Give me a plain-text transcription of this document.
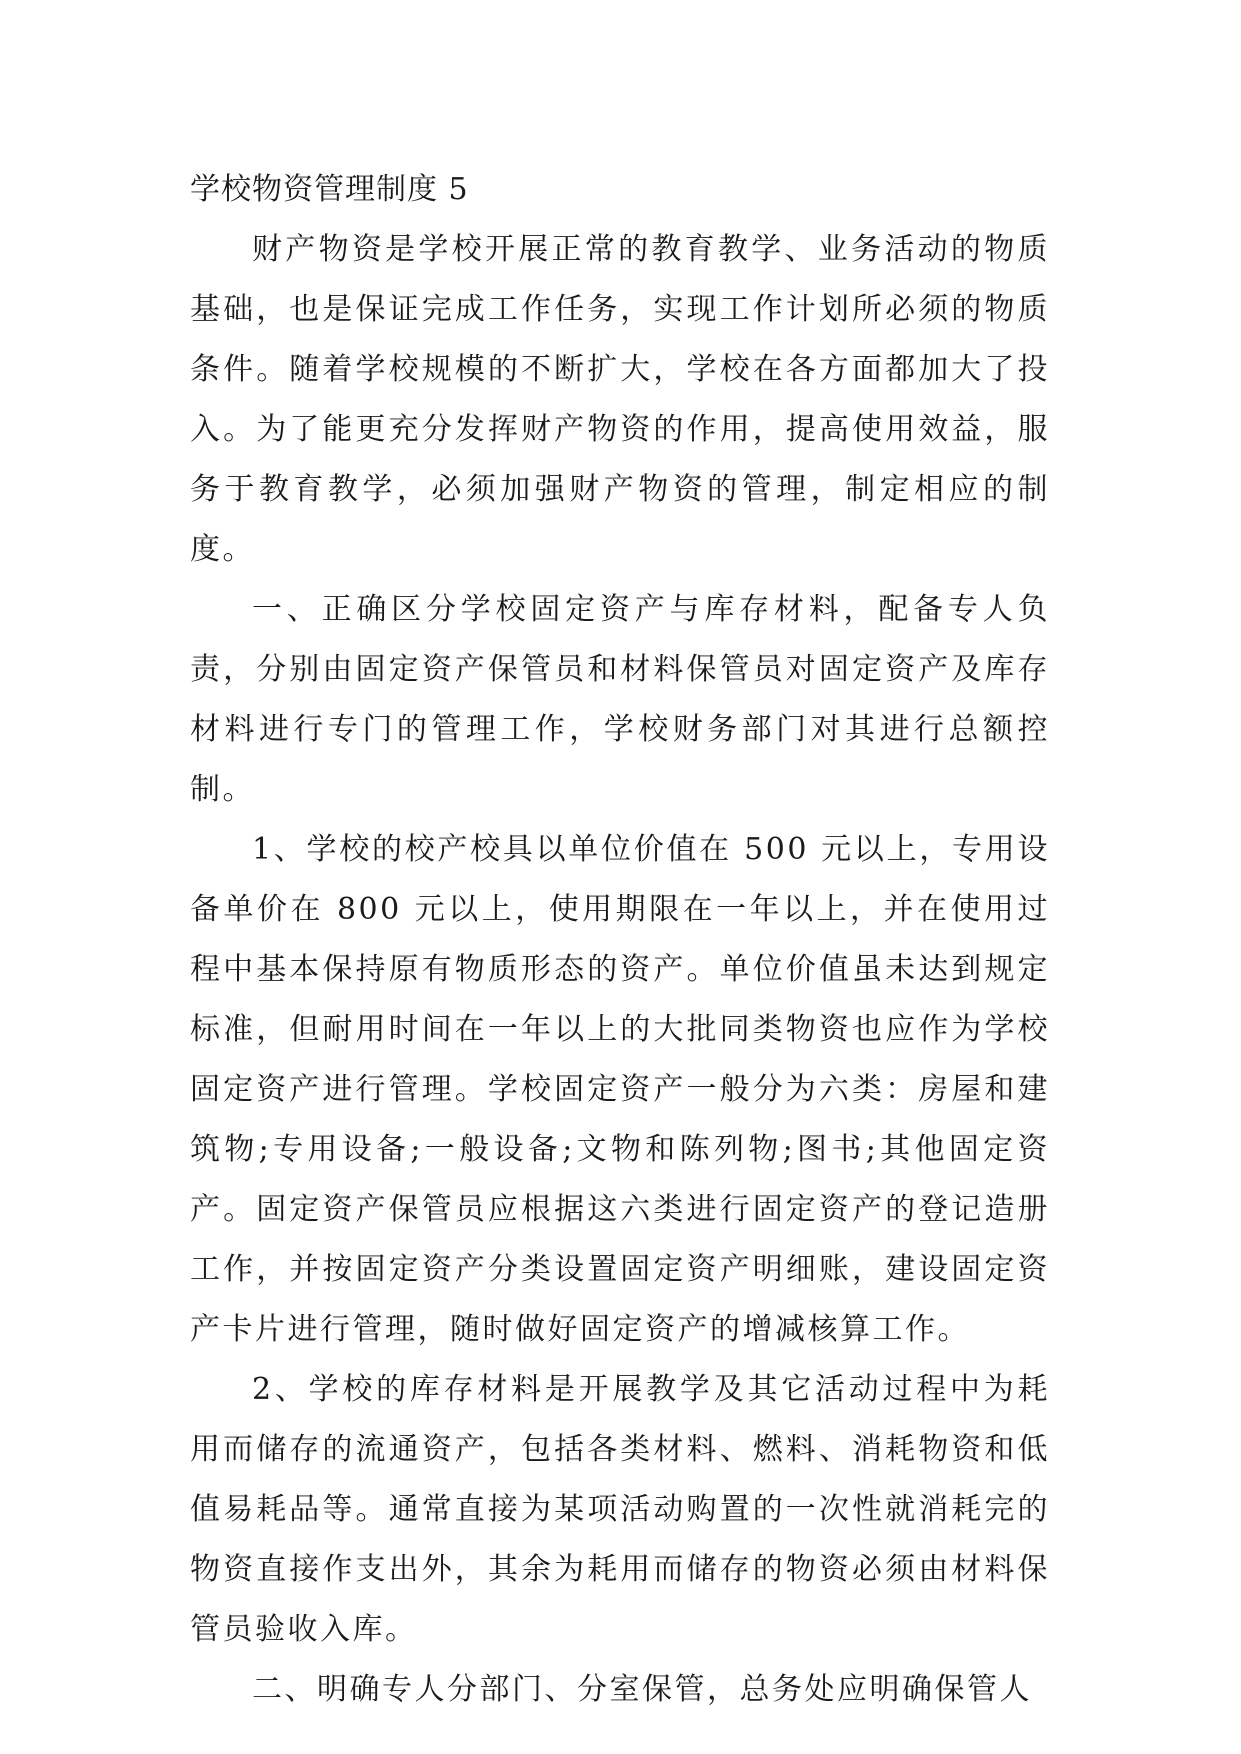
学校物资管理制度 5

财产物资是学校开展正常的教育教学、业务活动的物质基础，也是保证完成工作任务，实现工作计划所必须的物质条件。随着学校规模的不断扩大，学校在各方面都加大了投入。为了能更充分发挥财产物资的作用，提高使用效益，服务于教育教学，必须加强财产物资的管理，制定相应的制度。

一、正确区分学校固定资产与库存材料，配备专人负责，分别由固定资产保管员和材料保管员对固定资产及库存材料进行专门的管理工作，学校财务部门对其进行总额控制。

1、学校的校产校具以单位价值在 500 元以上，专用设备单价在 800 元以上，使用期限在一年以上，并在使用过程中基本保持原有物质形态的资产。单位价值虽未达到规定标准，但耐用时间在一年以上的大批同类物资也应作为学校固定资产进行管理。学校固定资产一般分为六类：房屋和建筑物;专用设备;一般设备;文物和陈列物;图书;其他固定资产。固定资产保管员应根据这六类进行固定资产的登记造册工作，并按固定资产分类设置固定资产明细账，建设固定资产卡片进行管理，随时做好固定资产的增减核算工作。

2、学校的库存材料是开展教学及其它活动过程中为耗用而储存的流通资产，包括各类材料、燃料、消耗物资和低值易耗品等。通常直接为某项活动购置的一次性就消耗完的物资直接作支出外，其余为耗用而储存的物资必须由材料保管员验收入库。

二、明确专人分部门、分室保管，总务处应明确保管人
